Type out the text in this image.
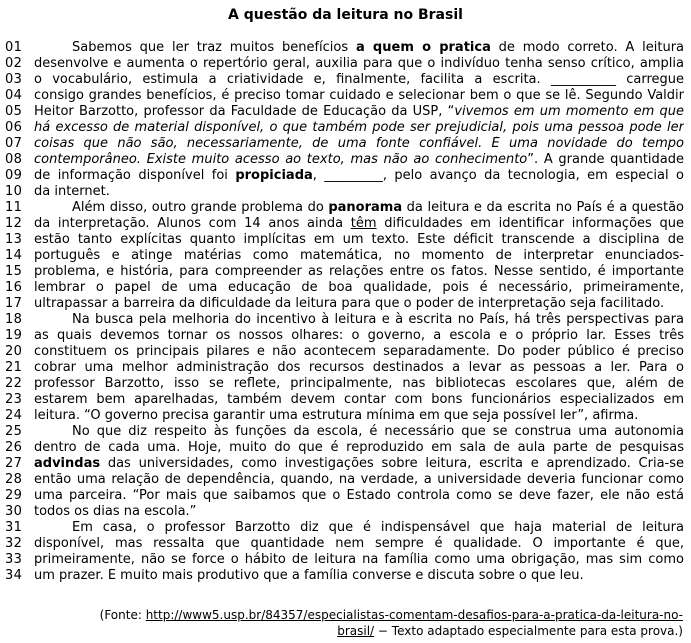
A questão da leitura no Brasil
01	Sabemos que ler traz muitos benefícios a quem o pratica de modo correto. A leitura
02 desenvolve e aumenta o repertório geral, auxilia para que o indivíduo tenha senso crítico, amplia
03 o vocabulário, estimula a criatividade e, finalmente, facilita a escrita. __________ carregue
04 consigo grandes benefícios, é preciso tomar cuidado e selecionar bem o que se lê. Segundo Valdir
05 Heitor Barzotto, professor da Faculdade de Educação da USP, “vivemos em um momento em que
06 há excesso de material disponível, o que também pode ser prejudicial, pois uma pessoa pode ler
07 coisas que não são, necessariamente, de uma fonte confiável. É uma novidade do tempo
08 contemporâneo. Existe muito acesso ao texto, mas não ao conhecimento”. A grande quantidade
09 de informação disponível foi propiciada, _________, pelo avanço da tecnologia, em especial o
10 da internet.
11	Além disso, outro grande problema do panorama da leitura e da escrita no País é a questão
12 da interpretação. Alunos com 14 anos ainda têm dificuldades em identificar informações que
13 estão tanto explícitas quanto implícitas em um texto. Este déficit transcende a disciplina de
14 português e atinge matérias como matemática, no momento de interpretar enunciados-
15 problema, e história, para compreender as relações entre os fatos. Nesse sentido, é importante
16 lembrar o papel de uma educação de boa qualidade, pois é necessário, primeiramente,
17 ultrapassar a barreira da dificuldade da leitura para que o poder de interpretação seja facilitado.
18	Na busca pela melhoria do incentivo à leitura e à escrita no País, há três perspectivas para
19 as quais devemos tornar os nossos olhares: o governo, a escola e o próprio lar. Esses três
20 constituem os principais pilares e não acontecem separadamente. Do poder público é preciso
21 cobrar uma melhor administração dos recursos destinados a levar as pessoas a ler. Para o
22 professor Barzotto, isso se reflete, principalmente, nas bibliotecas escolares que, além de
23 estarem bem aparelhadas, também devem contar com bons funcionários especializados em
24 leitura. “O governo precisa garantir uma estrutura mínima em que seja possível ler”, afirma.
25	No que diz respeito às funções da escola, é necessário que se construa uma autonomia
26 dentro de cada uma. Hoje, muito do que é reproduzido em sala de aula parte de pesquisas
27 advindas das universidades, como investigações sobre leitura, escrita e aprendizado. Cria-se
28 então uma relação de dependência, quando, na verdade, a universidade deveria funcionar como
29 uma parceira. “Por mais que saibamos que o Estado controla como se deve fazer, ele não está
30 todos os dias na escola.”
31	Em casa, o professor Barzotto diz que é indispensável que haja material de leitura
32 disponível, mas ressalta que quantidade nem sempre é qualidade. O importante é que,
33 primeiramente, não se force o hábito de leitura na família como uma obrigação, mas sim como
34 um prazer. É muito mais produtivo que a família converse e discuta sobre o que leu.
(Fonte: http://www5.usp.br/84357/especialistas-comentam-desafios-para-a-pratica-da-leitura-no-
brasil/ − Texto adaptado especialmente para esta prova.)
